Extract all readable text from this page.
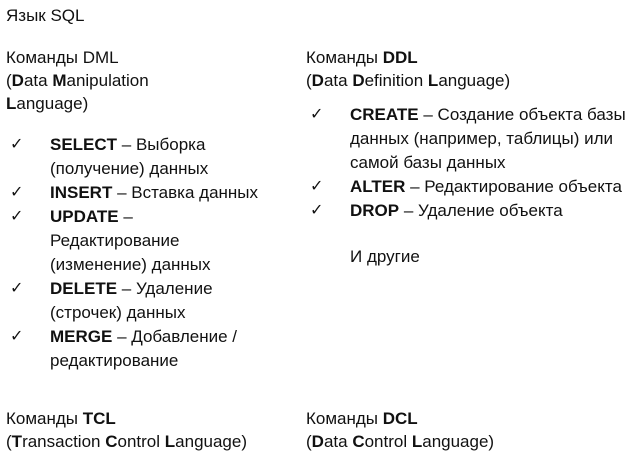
Язык SQL
Команды DML
(Data Manipulation
Language)
✓ SELECT – Выборка (получение) данных
✓ INSERT – Вставка данных
✓ UPDATE – Редактирование (изменение) данных
✓ DELETE – Удаление (строчек) данных
✓ MERGE – Добавление / редактирование
Команды DDL
(Data Definition Language)
✓ CREATE – Создание объекта базы данных (например, таблицы) или самой базы данных
✓ ALTER – Редактирование объекта
✓ DROP – Удаление объекта
И другие
Команды TCL
(Transaction Control Language)
Команды DCL
(Data Control Language)
